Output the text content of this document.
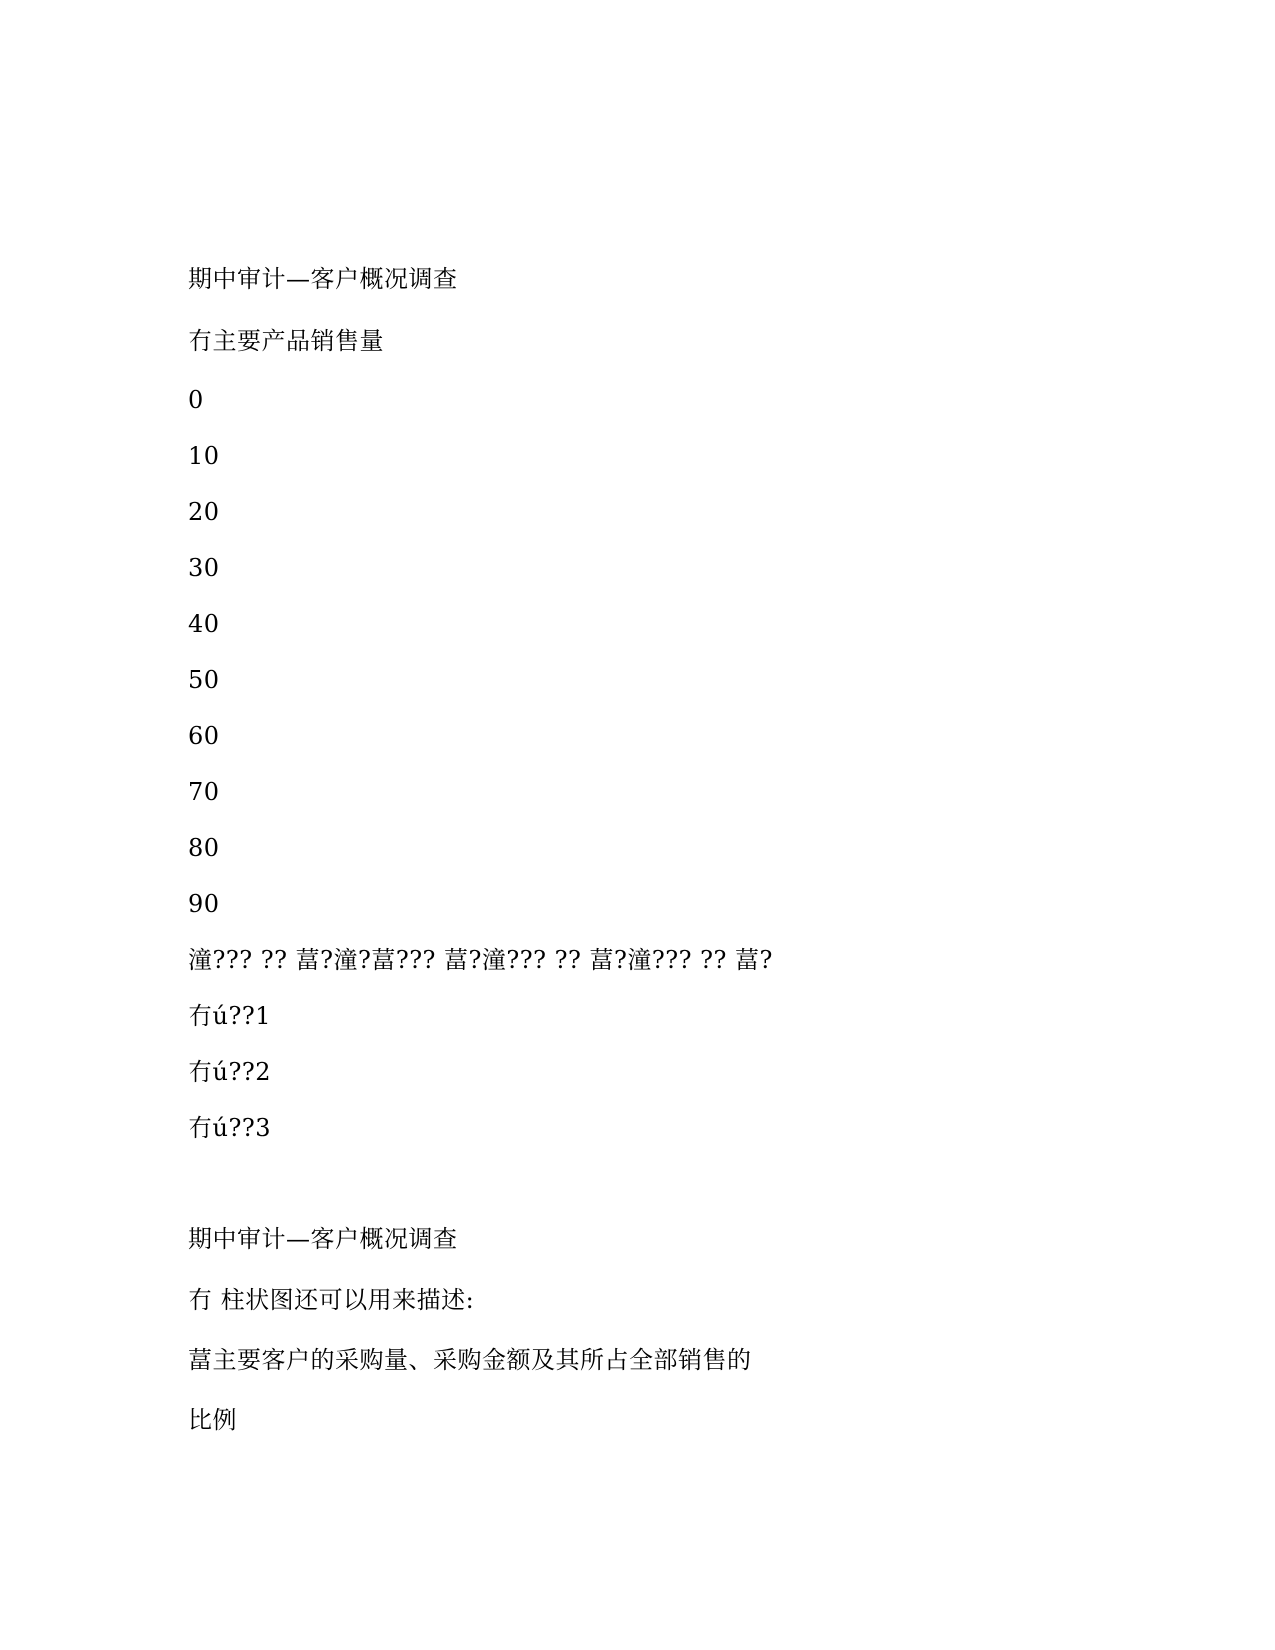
期中审计—客户概况调查
冇主要产品销售量
0
10
20
30
40
50
60
70
80
90
潼??? ?? 葍?潼?葍??? 葍?潼??? ?? 葍?潼??? ?? 葍?
冇ú??1
冇ú??2
冇ú??3
期中审计—客户概况调查
冇 柱状图还可以用来描述:
葍主要客户的采购量、采购金额及其所占全部销售的
比例
